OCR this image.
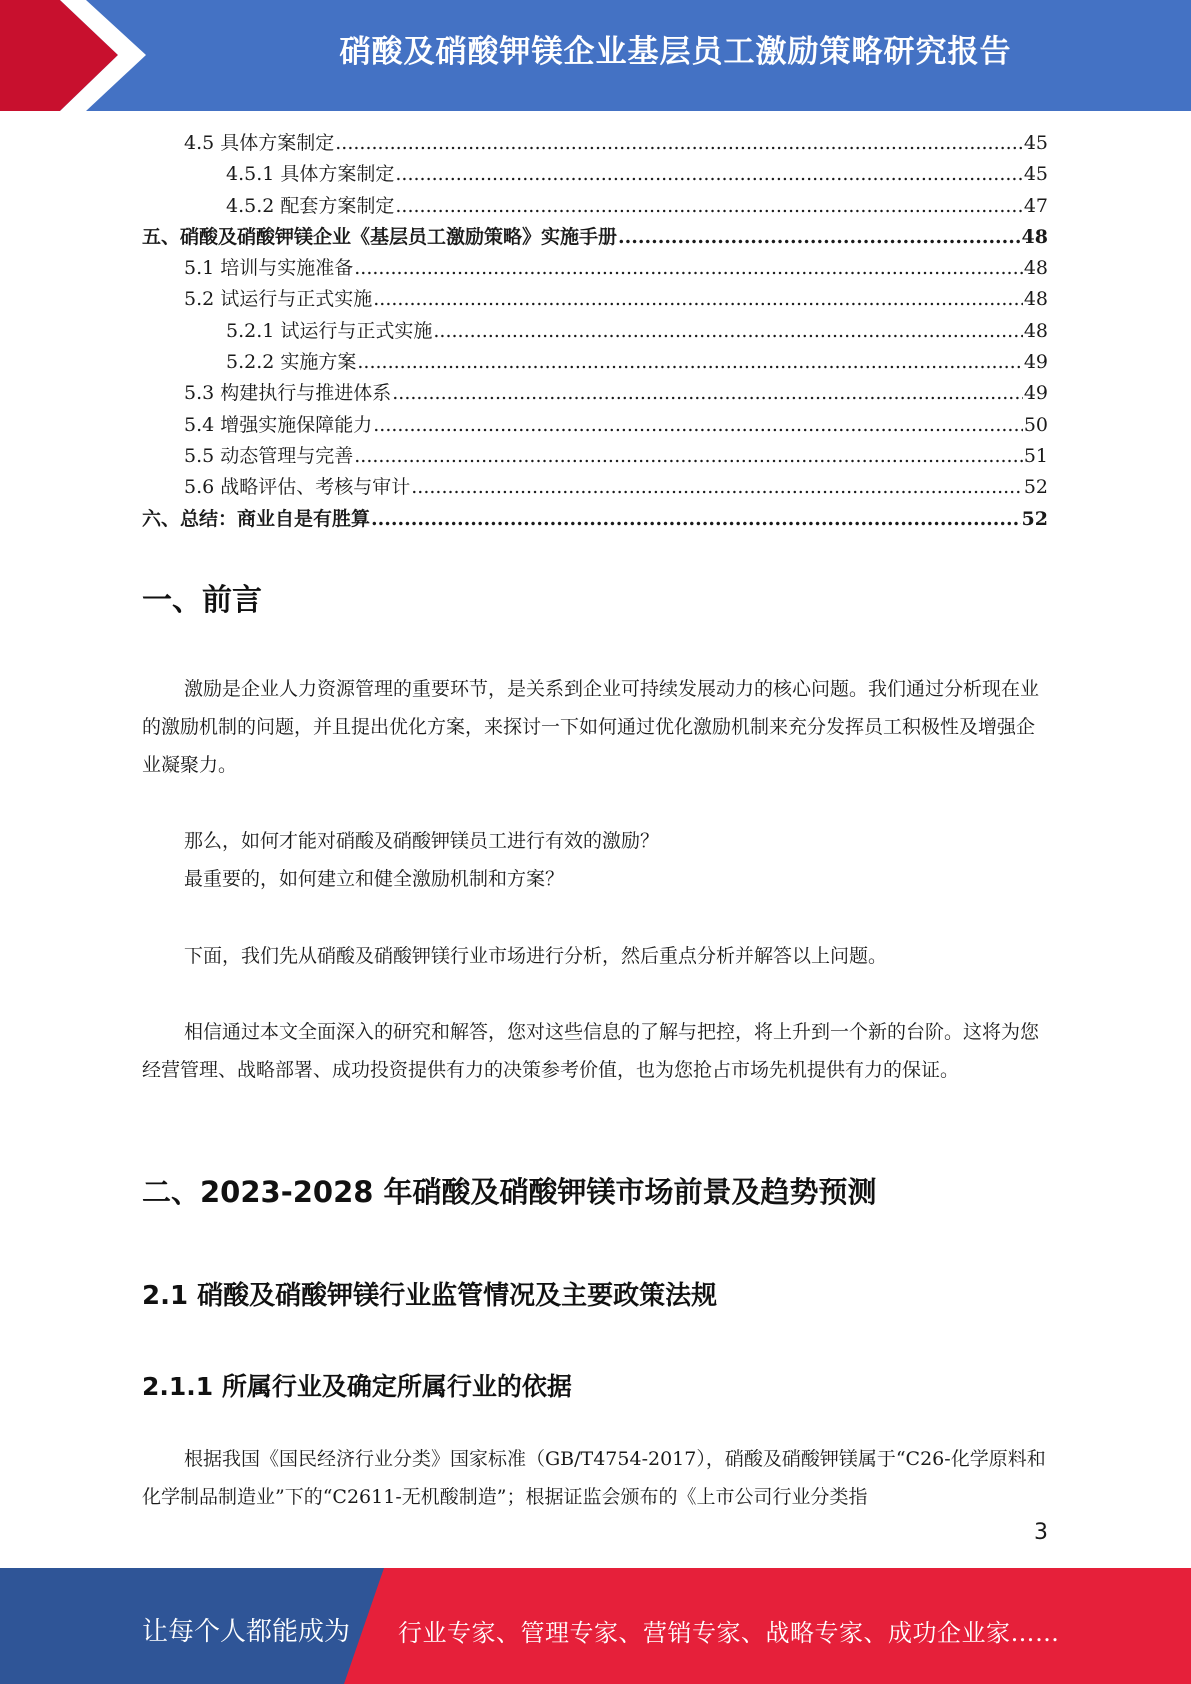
硝酸及硝酸钾镁企业基层员工激励策略研究报告
4.5 具体方案制定 .....	45
4.5.1 具体方案制定 .....	45
4.5.2 配套方案制定 .....	47
五、硝酸及硝酸钾镁企业《基层员工激励策略》实施手册 .....	48
5.1 培训与实施准备 .....	48
5.2 试运行与正式实施 .....	48
5.2.1 试运行与正式实施 .....	48
5.2.2 实施方案 .....	49
5.3 构建执行与推进体系 .....	49
5.4 增强实施保障能力 .....	50
5.5 动态管理与完善 .....	51
5.6 战略评估、考核与审计 .....	52
六、总结：商业自是有胜算 .....	52
一、前言

激励是企业人力资源管理的重要环节，是关系到企业可持续发展动力的核心问题。我们通过分析现在业的激励机制的问题，并且提出优化方案，来探讨一下如何通过优化激励机制来充分发挥员工积极性及增强企业凝聚力。

那么，如何才能对硝酸及硝酸钾镁员工进行有效的激励？

最重要的，如何建立和健全激励机制和方案？

下面，我们先从硝酸及硝酸钾镁行业市场进行分析，然后重点分析并解答以上问题。

相信通过本文全面深入的研究和解答，您对这些信息的了解与把控，将上升到一个新的台阶。这将为您经营管理、战略部署、成功投资提供有力的决策参考价值，也为您抢占市场先机提供有力的保证。

二、2023-2028 年硝酸及硝酸钾镁市场前景及趋势预测
2.1 硝酸及硝酸钾镁行业监管情况及主要政策法规
2.1.1 所属行业及确定所属行业的依据

根据我国《国民经济行业分类》国家标准（GB/T4754-2017），硝酸及硝酸钾镁属于“C26-化学原料和化学制品制造业”下的“C2611-无机酸制造”；根据证监会颁布的《上市公司行业分类指

3
让每个人都能成为 行业专家、管理专家、营销专家、战略专家、成功企业家……
